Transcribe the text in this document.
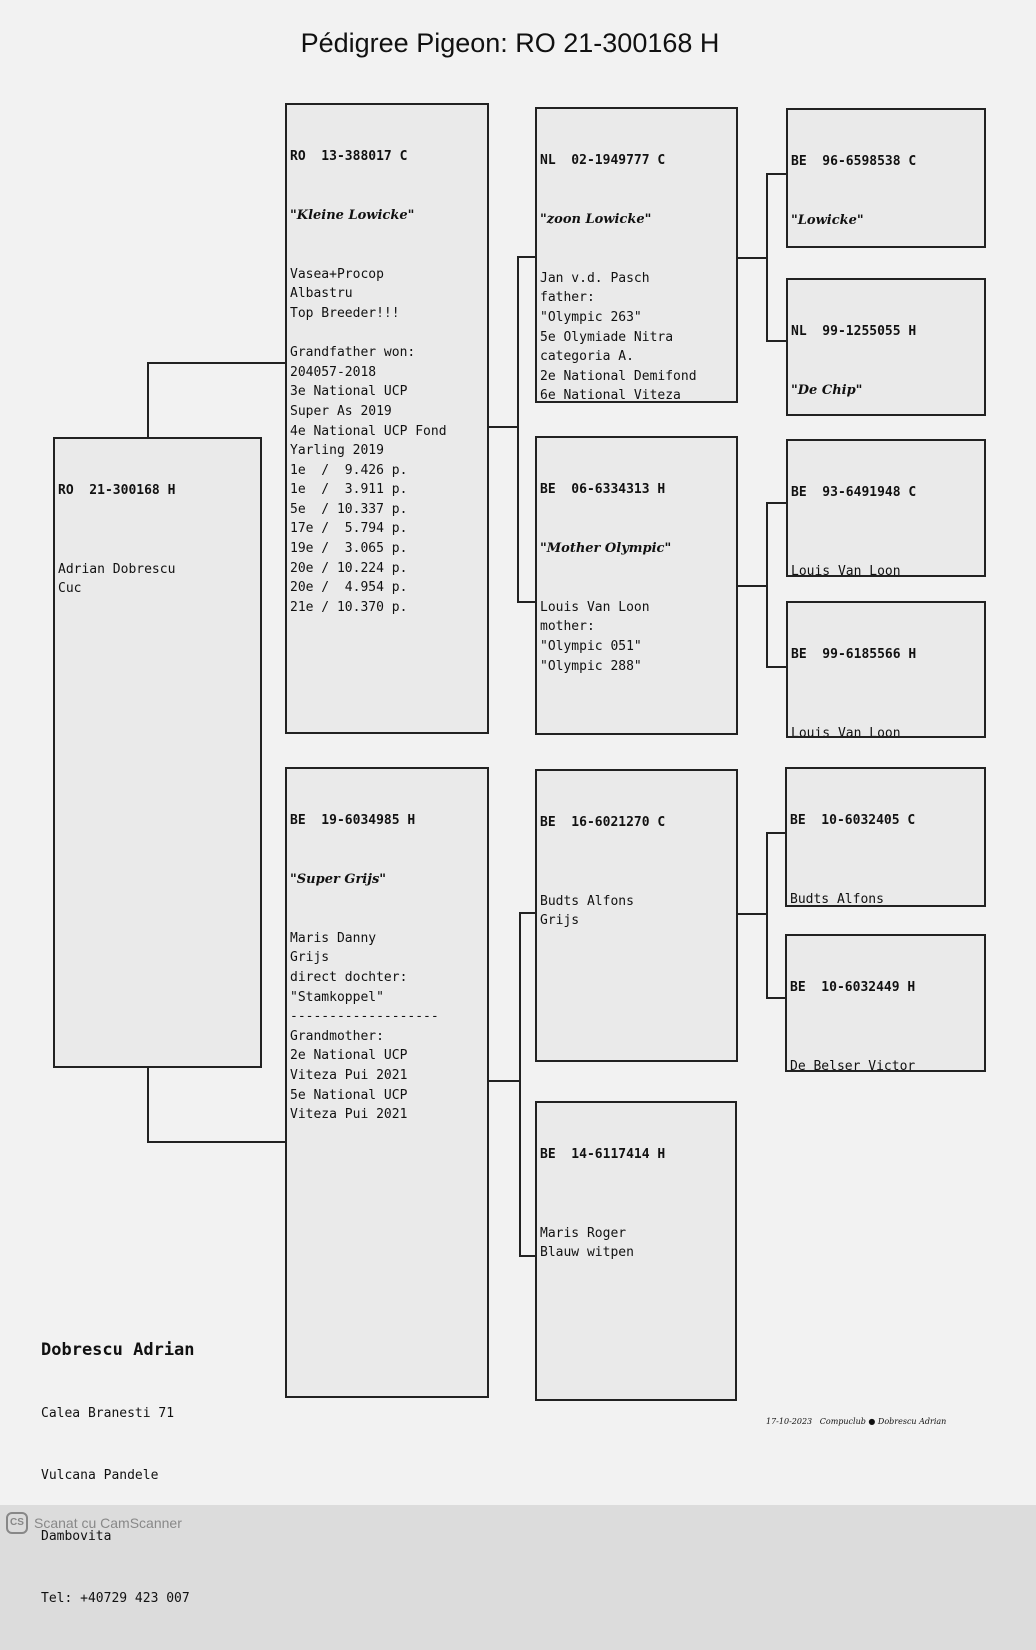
Pédigree Pigeon: RO 21-300168 H

RO  21-300168 H

Adrian Dobrescu
Cuc

RO  13-388017 C

"Kleine Lowicke"

Vasea+Procop
Albastru
Top Breeder!!!
Grandfather won:
204057-2018
3e National UCP
Super As 2019
4e National UCP Fond
Yarling 2019
1e  /  9.426 p.
1e  /  3.911 p.
5e  / 10.337 p.
17e /  5.794 p.
19e /  3.065 p.
20e / 10.224 p.
20e /  4.954 p.
21e / 10.370 p.

BE  19-6034985 H

"Super Grijs"

Maris Danny
Grijs
direct dochter:
"Stamkoppel"
-------------------
Grandmother:
2e National UCP
Viteza Pui 2021
5e National UCP
Viteza Pui 2021

NL  02-1949777 C

"zoon Lowicke"

Jan v.d. Pasch
father:
"Olympic 263"
5e Olymiade Nitra
categoria A.
2e National Demifond
6e National Viteza

BE  06-6334313 H

"Mother Olympic"

Louis Van Loon
mother:
"Olympic 051"
"Olympic 288"

BE  16-6021270 C

Budts Alfons
Grijs

BE  14-6117414 H

Maris Roger
Blauw witpen

BE  96-6598538 C

"Lowicke"

NL  99-1255055 H

"De Chip"

BE  93-6491948 C

Louis Van Loon

BE  99-6185566 H

Louis Van Loon

BE  10-6032405 C

Budts Alfons

BE  10-6032449 H

De Belser Victor

Dobrescu Adrian

Calea Branesti 71

Vulcana Pandele

Dambovita

Tel: +40729 423 007

17-10-2023   Compuclub ● Dobrescu Adrian
CS Scanat cu CamScanner
